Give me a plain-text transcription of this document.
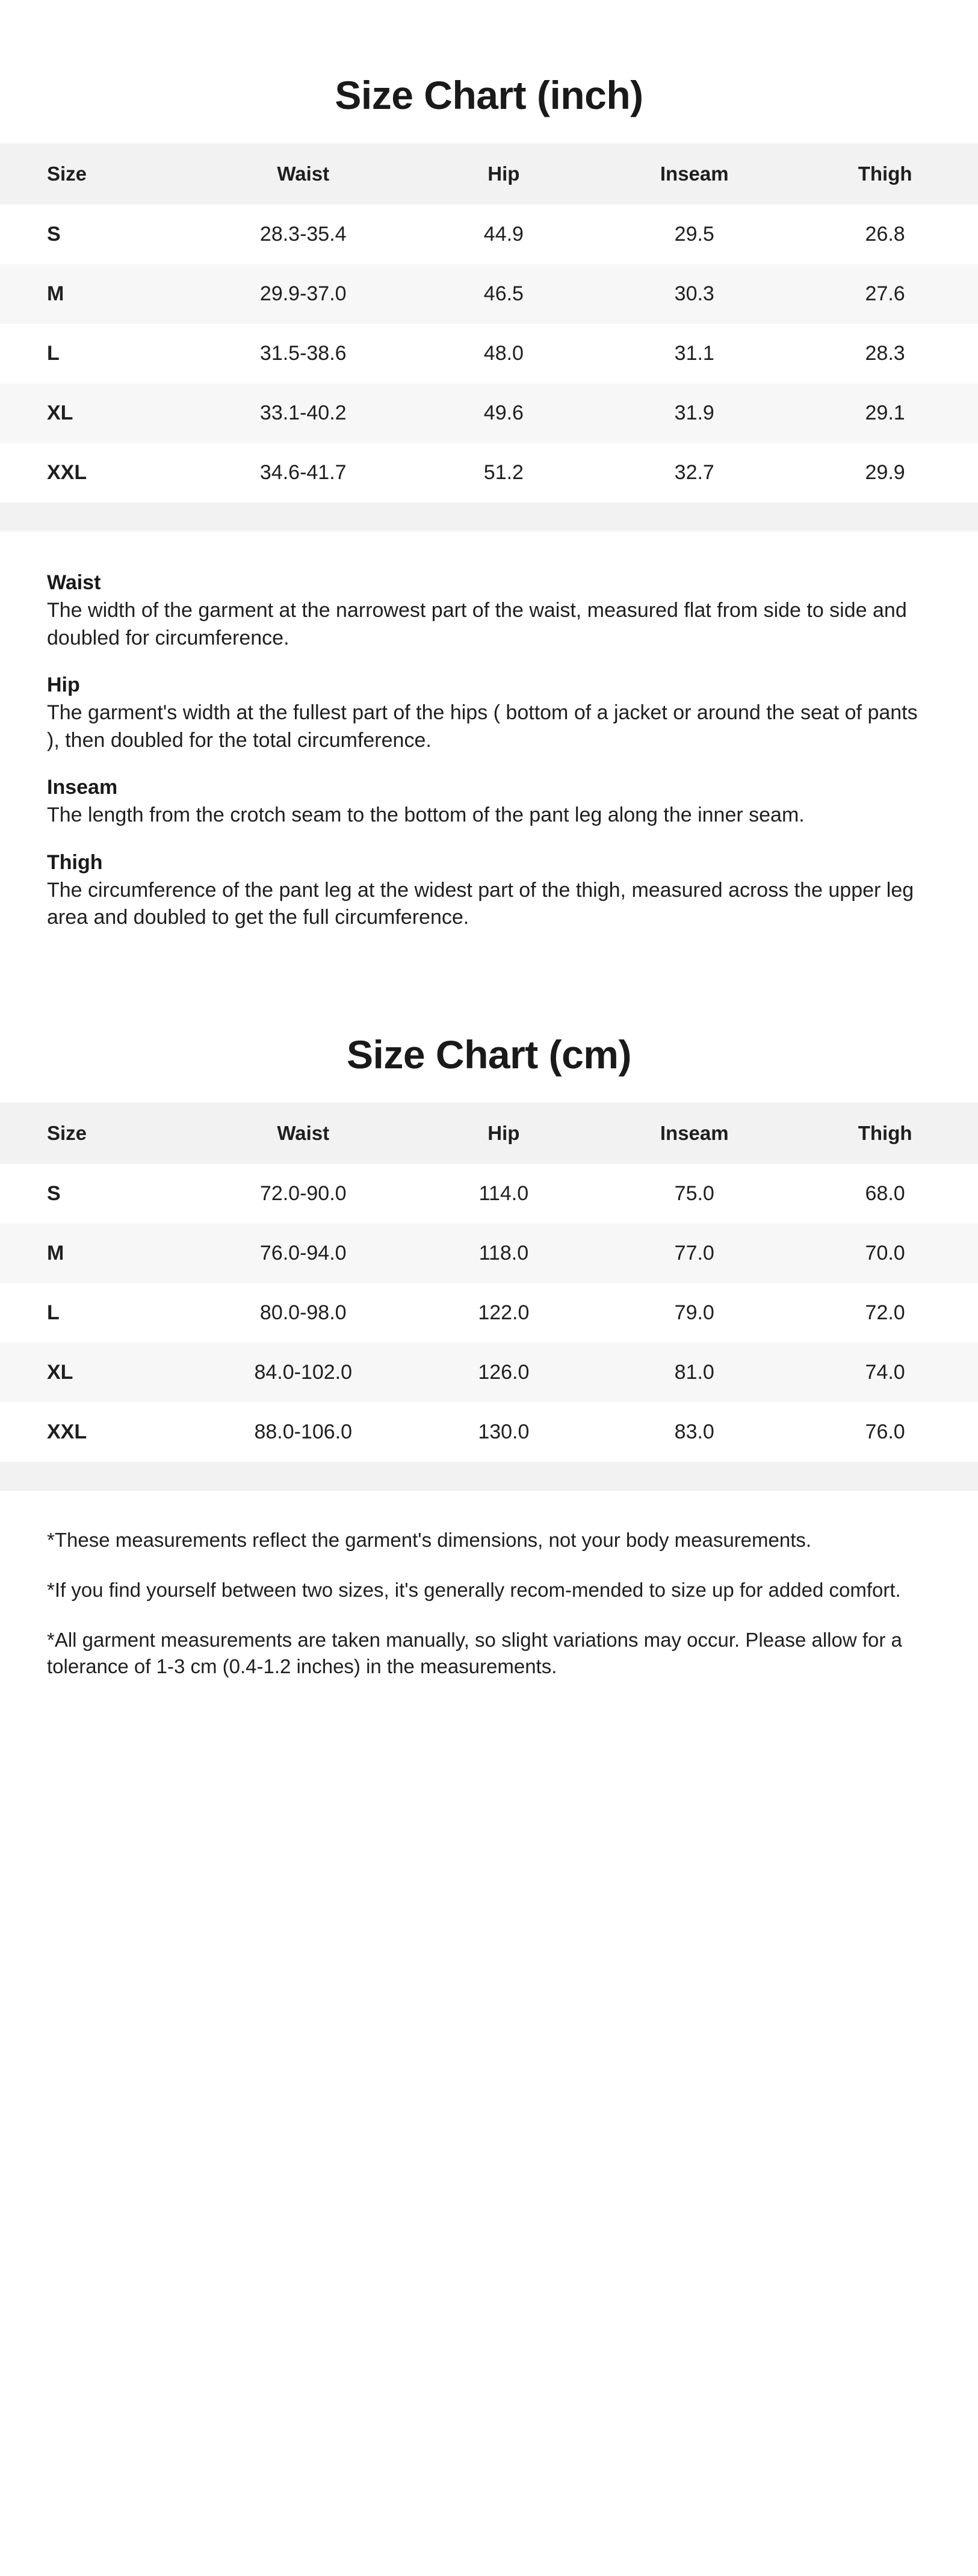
Size Chart (inch)
Size	Waist	Hip	Inseam	Thigh
S	28.3-35.4	44.9	29.5	26.8
M	29.9-37.0	46.5	30.3	27.6
L	31.5-38.6	48.0	31.1	28.3
XL	33.1-40.2	49.6	31.9	29.1
XXL	34.6-41.7	51.2	32.7	29.9

Waist

The width of the garment at the narrowest part of the waist, measured flat from side to side and doubled for circumference.

Hip

The garment's width at the fullest part of the hips ( bottom of a jacket or around the seat of pants ), then doubled for the total circumference.

Inseam

The length from the crotch seam to the bottom of the pant leg along the inner seam.

Thigh

The circumference of the pant leg at the widest part of the thigh, measured across the upper leg area and doubled to get the full circumference.

Size Chart (cm)
Size	Waist	Hip	Inseam	Thigh
S	72.0-90.0	114.0	75.0	68.0
M	76.0-94.0	118.0	77.0	70.0
L	80.0-98.0	122.0	79.0	72.0
XL	84.0-102.0	126.0	81.0	74.0
XXL	88.0-106.0	130.0	83.0	76.0

*These measurements reflect the garment's dimensions, not your body measurements.

*If you find yourself between two sizes, it's generally recom-mended to size up for added comfort.

*All garment measurements are taken manually, so slight variations may occur. Please allow for a tolerance of 1-3 cm (0.4-1.2 inches) in the measurements.
